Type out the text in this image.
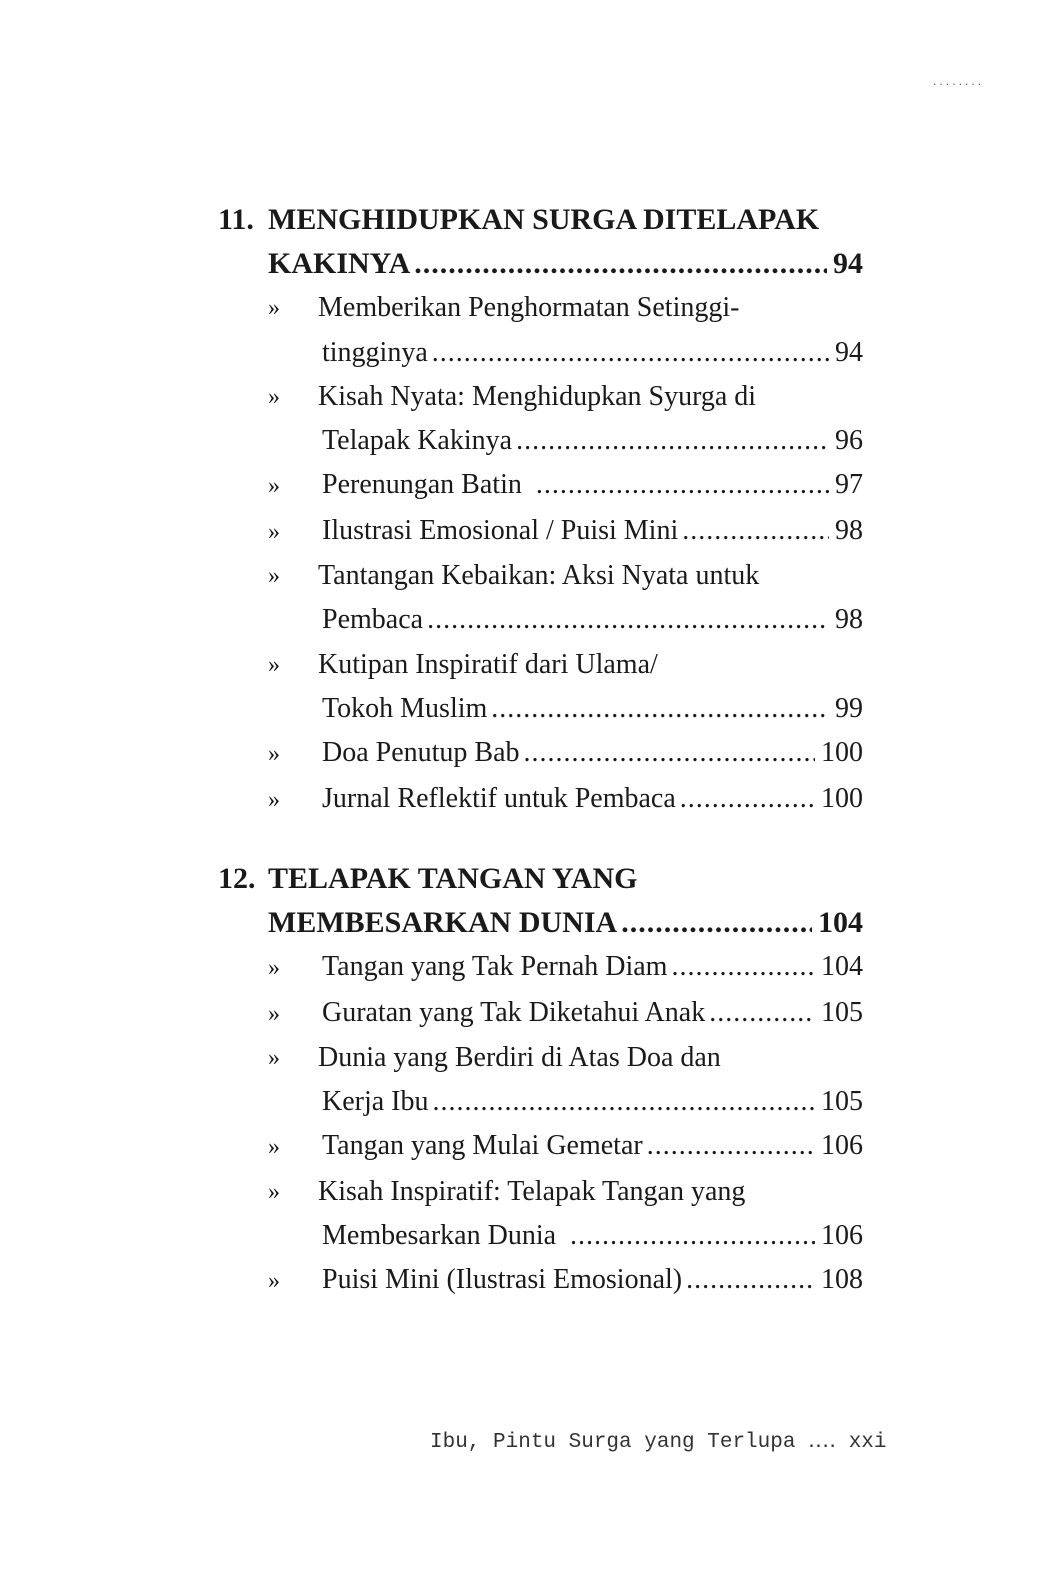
........
11. MENGHIDUPKAN SURGA DITELAPAK
KAKINYA .....	94
»	Memberikan Penghormatan Setinggi-
tingginya .....	94
»	Kisah Nyata: Menghidupkan Syurga di
Telapak Kakinya .....	96
»	Perenungan Batin .....	97
»	Ilustrasi Emosional / Puisi Mini .....	98
»	Tantangan Kebaikan: Aksi Nyata untuk
Pembaca .....	98
»	Kutipan Inspiratif dari Ulama/
Tokoh Muslim .....	99
»	Doa Penutup Bab .....	100
»	Jurnal Reflektif untuk Pembaca .....	100
12. TELAPAK TANGAN YANG
MEMBESARKAN DUNIA .....	104
»	Tangan yang Tak Pernah Diam .....	104
»	Guratan yang Tak Diketahui Anak .....	105
»	Dunia yang Berdiri di Atas Doa dan
Kerja Ibu .....	105
»	Tangan yang Mulai Gemetar .....	106
»	Kisah Inspiratif: Telapak Tangan yang
Membesarkan Dunia .....	106
»	Puisi Mini (Ilustrasi Emosional) .....	108
Ibu, Pintu Surga yang Terlupa ‥‥ xxi
